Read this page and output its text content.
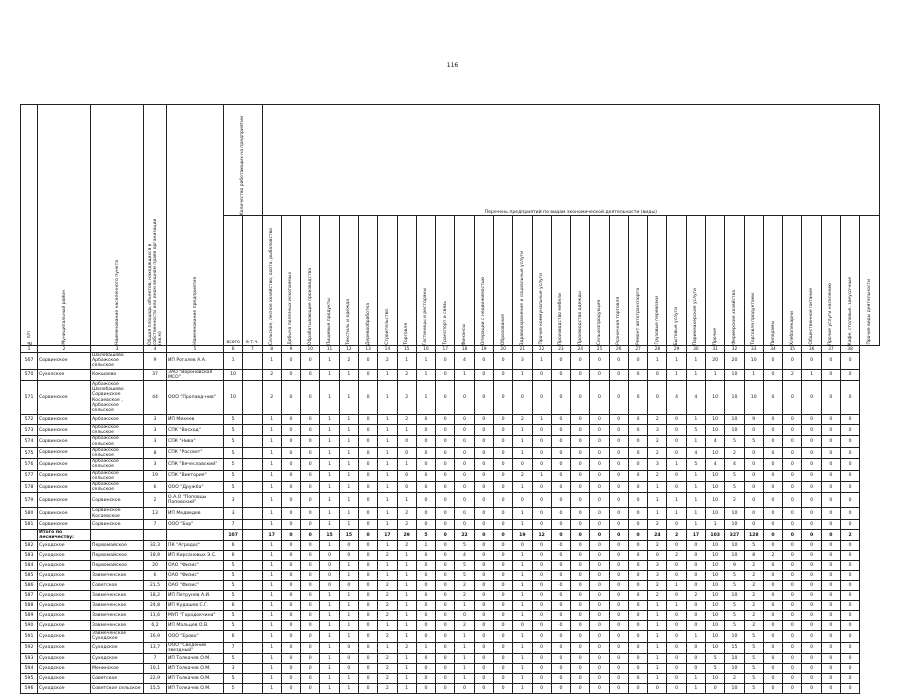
116
№ п/п	Муниципальный район	Наименование населенного пункта	Общая площадь объектов, находящихся в собственности или ином вещном праве организации (кв.м)	Наименование предприятия	Количество работающих на предприятии		Перечень предприятий по видам экономической деятельности (виды)																															
					всего	в т.ч.	Сельское, лесное хозяйство, охота, рыболовство	Добыча полезных ископаемых	Обрабатывающие производства	Пищевые продукты	Текстиль и одежда	Деревообработка	Строительство	Торговля	Гостиницы и рестораны	Транспорт и связь	Финансы	Операции с недвижимостью	Образование	Здравоохранение и социальные услуги	Прочие коммунальные услуги	Производство мебели	Производство одежды	Сельхозпродукция	Розничная торговля	Ремонт автотранспорта	Грузовые перевозки	Бытовые услуги	Парикмахерские услуги	Прочие	Фермерские хозяйства	Торговля продуктами	Пилорамы	Хлебопекарни	Общественное питание	Прочие услуги населению	Кафе, столовые, закусочные	Прочие виды деятельности

1	2	3	4	5	6	7	8	9	10	11	12	13	14	15	16	17	18	19	20	21	22	23	24	25	26	27	28	29	30	31	32	33	34	35	36	37	38	
567	Сорвинское	Шалобашево Арбажское сельское	9	ИП Рогалев А.А.	1		1	0	0	1	2	0	2	1	1	0	4	0	0	3	1	0	0	0	0	0	1	1	1	20	20	10	0	0	0	0	0	
570	Сухолское	Кокшаево	37	ЗАО "Вороновская МСО"	10		2	0	0	1	1	0	1	2	1	0	1	0	0	1	0	0	0	0	0	0	0	1	1	1	10	1	0	2	1	0	0	
571	Сорвинское	Арбажское Шалобашево Сорвинское Косаевское , Арбажское сельское	44	ООО "Пропавд-нив"	10		2	0	0	1	1	0	1	2	1	0	0	0	0	0	0	0	0	0	0	0	0	4	4	10	10	10	0	0	0	0	0	
572	Сорвинское	Арбажское	3	ИП Михеев	5		1	0	0	1	1	0	1	2	0	0	0	0	0	2	1	0	0	0	0	0	2	0	1	10	10	9	0	0	0	0	0	
573	Сорвинское	Арбажское сельское	3	СПК "Восход"	5		1	0	0	1	1	0	1	1	0	0	0	0	0	1	0	0	0	0	0	0	3	0	5	10	10	0	0	0	0	0	0	
574	Сорвинское	Арбажское сельское	3	СПК "Нива"	5		1	0	0	1	1	0	1	0	0	0	0	0	0	1	0	0	0	0	0	0	2	0	1	4	5	5	0	0	0	0	0	
575	Сорвинское	Арбажское сельское	8	СПК "Рассвет"	5		1	0	0	1	1	0	1	0	0	0	0	0	0	1	0	0	0	0	0	0	2	0	4	10	2	0	0	0	0	0	0	
576	Сорвинское	Арбажское сельское	3	СПК "Вячеславский"	5		1	0	0	1	1	0	1	1	0	0	0	0	0	0	0	0	0	0	0	0	3	1	5	4	4	0	0	0	0	0	0	
577	Сорвинское	Арбажское сельское	19	СПК "Виктория"	5		1	0	0	1	1	0	1	0	0	0	0	0	0	2	1	0	0	0	0	0	2	0	1	10	5	0	0	0	0	0	0	
578	Сорвинское	Арбажское сельское	6	ООО "Дружба"	5		1	0	0	1	1	0	1	0	0	0	0	0	0	1	0	0	0	0	0	0	1	0	1	10	5	0	0	0	0	0	0	
579	Сорвинское	Сорвинское	2	О.А.О "Поповцы Поповский"	3		1	0	0	1	1	0	1	1	0	0	0	0	0	0	0	0	0	0	0	0	1	1	1	10	2	0	0	0	0	0	0	
580	Сорвинское	Сорвинское Косаевское	13	ИП Медведев	3		1	0	0	1	1	0	1	2	0	0	0	0	0	1	0	0	0	0	0	0	1	1	1	10	10	0	0	0	0	0	0	
581	Сорвинское	Сорвинское	7	ООО "Бор"	7		1	0	0	1	1	0	1	2	0	0	0	0	0	1	0	0	0	0	0	0	2	0	1	1	10	0	0	0	0	0	0	
	Итого по лесничеству:				107		17	0	0	15	15	0	17	29	5	0	22	0	0	19	12	0	0	0	0	0	24	2	17	103	327	128	0	0	0	0	2	
582	Суходское	Первомайское	32,3	ПК "Агродос"	6		1	0	0	1	0	0	1	2	1	0	5	0	0	0	0	0	0	0	0	0	2	0	0	10	10	5	0	0	0	0	0	
583	Суходское	Первомайское	18,9	ИП Кирсановых Э.С.	6		1	0	0	0	0	0	2	1	0	0	4	0	0	1	0	0	0	0	0	0	0	2	0	10	10	8	2	0	0	0	0	
584	Суходское	Первомайское	20	ОАО "Физис"	5		1	0	0	0	1	0	1	1	0	0	5	0	0	1	0	0	0	0	0	0	3	0	0	10	9	2	0	0	0	0	0	
585	Суходское	Завмеченское	6	ОАО "Физис"	5		1	0	0	0	1	0	1	1	0	0	5	0	0	1	0	0	0	0	0	0	3	0	0	10	5	2	0	0	0	0	0	
586	Суходское	Советское	21,5	ОАО "Физис"	5		1	0	0	0	0	0	2	1	0	0	2	0	0	1	0	0	0	0	0	0	2	1	0	10	5	2	0	0	0	0	0	
587	Суходское	Завмеченское	18,2	ИП Петрунев А.И.	5		1	0	0	1	1	0	2	1	0	0	2	0	0	1	0	0	0	0	0	0	2	0	2	10	10	2	0	0	0	0	0	
588	Суходское	Завмеченское	24,8	ИП Кудашев С.Г.	6		1	0	0	1	1	0	2	1	0	0	1	0	0	1	0	0	0	0	0	0	1	1	0	10	5	2	0	0	0	0	0	
589	Суходское	Завмеченское	11,6	МУП "Городокчина"	5		1	0	0	1	1	0	2	1	0	0	0	0	0	1	0	0	0	0	0	0	1	0	0	10	5	2	0	0	0	0	0	
590	Суходское	Завмеченское	6,2	ИП Мальцев О.В.	5		1	0	0	1	1	0	1	1	0	0	2	0	0	0	0	0	0	0	0	0	1	0	0	10	5	2	0	0	0	0	0	
591	Суходское	Завмеченское Суходское	16,9	ООО "Ерово"	6		1	0	0	1	1	0	2	1	0	0	1	0	0	1	0	0	0	0	0	0	1	0	1	10	10	5	0	0	0	0	0	
592	Суходское	Суходское	13,7	ООО "Сведений звездный"	7		1	0	0	1	0	0	1	2	1	0	1	0	0	1	0	0	0	0	0	0	1	0	0	10	15	5	0	0	0	0	0	
593	Суходское	Суходское	7	ИП Толкачев О.М.	5		1	0	0	1	0	0	2	1	0	0	1	0	0	1	0	0	0	0	0	0	1	0	0	5	10	5	0	0	0	0	0	
594	Суходское	Менинское	10,1	ИП Толкачев О.М.	3		1	0	0	1	0	0	2	1	0	0	1	0	0	1	0	0	0	0	0	0	1	0	0	5	10	5	0	0	0	0	0	
595	Суходское	Советское	22,9	ИП Толкачев О.М.	5		1	0	0	1	1	0	2	1	0	0	1	0	0	1	0	0	0	0	0	0	1	0	1	10	2	5	0	0	0	0	0	
596	Суходское	Советское сельское	15,5	ИП Толкачев О.М.	5		1	0	0	1	1	0	2	1	0	0	0	0	0	1	0	0	0	0	0	0	0	0	1	0	10	5	0	0	0	0	0	
